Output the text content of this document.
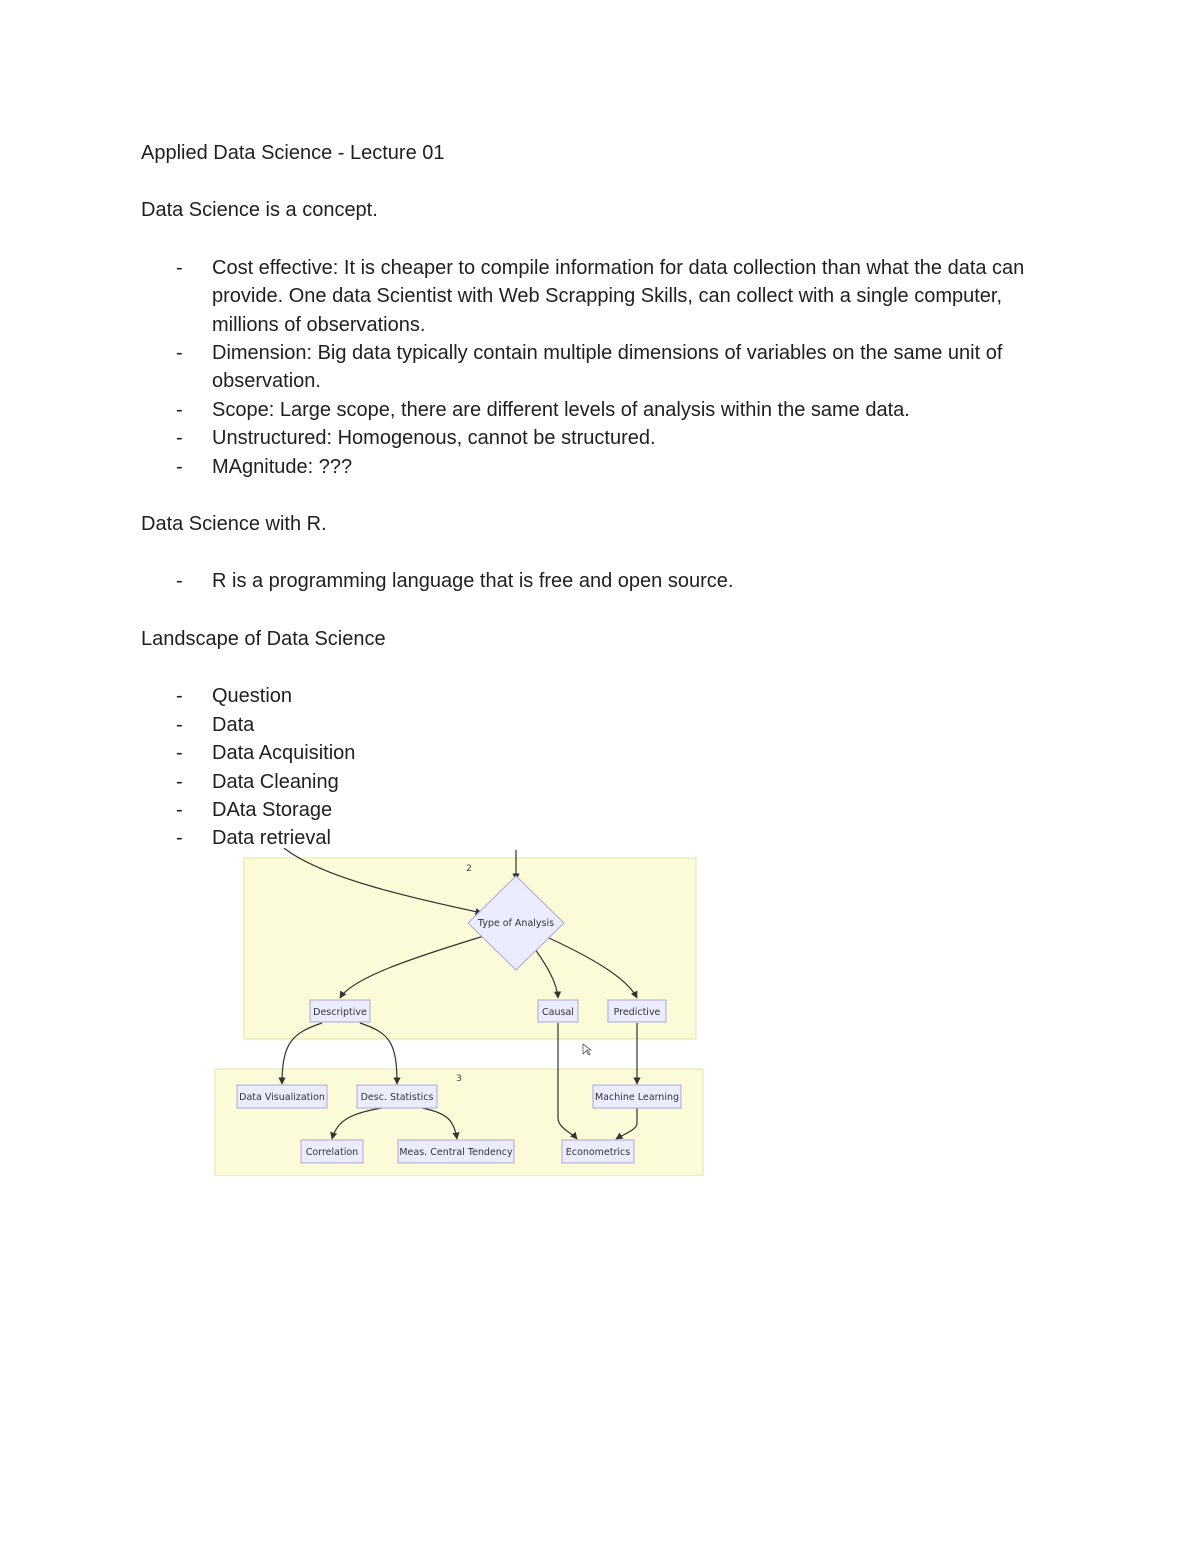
Applied Data Science - Lecture 01

Data Science is a concept.

- Cost effective: It is cheaper to compile information for data collection than what the data can provide. One data Scientist with Web Scrapping Skills, can collect with a single computer, millions of observations.
- Dimension: Big data typically contain multiple dimensions of variables on the same unit of observation.
- Scope: Large scope, there are different levels of analysis within the same data.
- Unstructured: Homogenous, cannot be structured.
- MAgnitude: ???

Data Science with R.

- R is a programming language that is free and open source.

Landscape of Data Science

- Question
- Data
- Data Acquisition
- Data Cleaning
- DAta Storage
- Data retrieval
2
3
Type of Analysis
Descriptive	Causal	Predictive
Data Visualization	Desc. Statistics	Machine Learning
Correlation	Meas. Central Tendency	Econometrics
